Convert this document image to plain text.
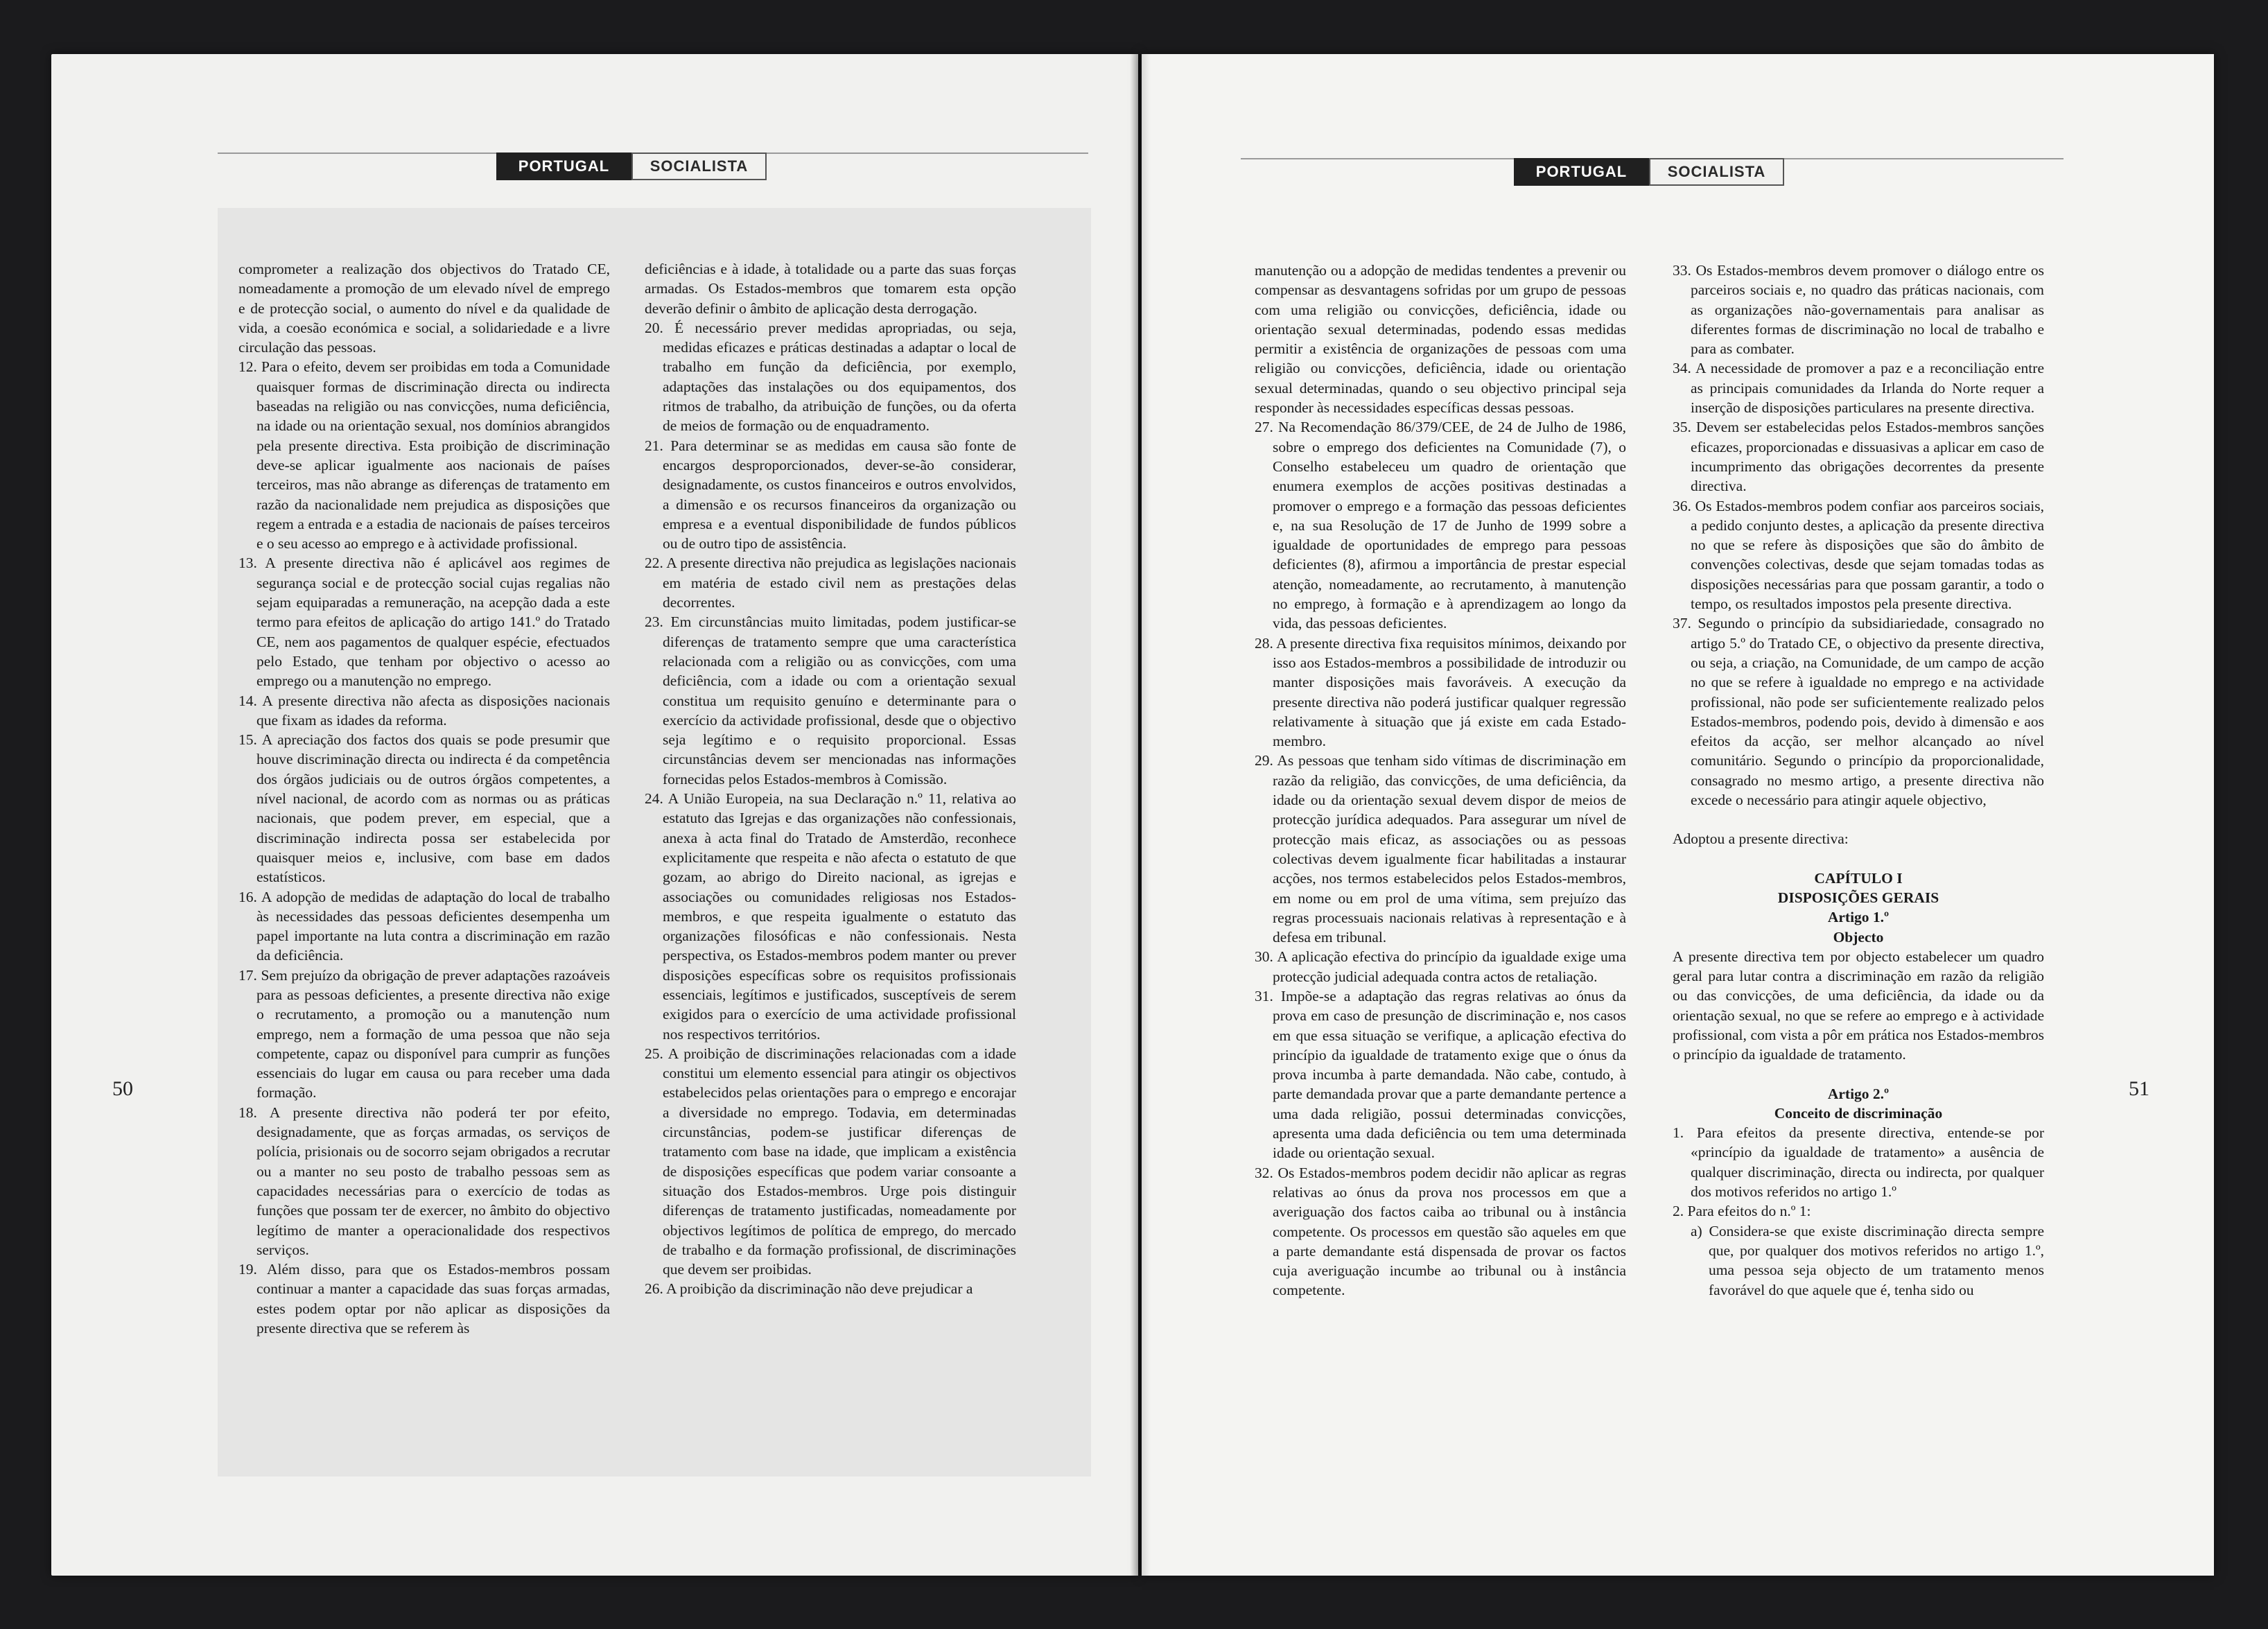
PORTUGAL	SOCIALISTA
50

comprometer a realização dos objectivos do Tratado CE, nomeadamente a promoção de um elevado nível de emprego e de protecção social, o aumento do nível e da qualidade de vida, a coesão económica e social, a solidariedade e a livre circulação das pessoas.

12. Para o efeito, devem ser proibidas em toda a Comunidade quaisquer formas de discriminação directa ou indirecta baseadas na religião ou nas convicções, numa deficiência, na idade ou na orientação sexual, nos domínios abrangidos pela presente directiva. Esta proibição de discriminação deve-se aplicar igualmente aos nacionais de países terceiros, mas não abrange as diferenças de tratamento em razão da nacionalidade nem prejudica as disposições que regem a entrada e a estadia de nacionais de países terceiros e o seu acesso ao emprego e à actividade profissional.

13. A presente directiva não é aplicável aos regimes de segurança social e de protecção social cujas regalias não sejam equiparadas a remuneração, na acepção dada a este termo para efeitos de aplicação do artigo 141.º do Tratado CE, nem aos pagamentos de qualquer espécie, efectuados pelo Estado, que tenham por objectivo o acesso ao emprego ou a manutenção no emprego.

14. A presente directiva não afecta as disposições nacionais que fixam as idades da reforma.

15. A apreciação dos factos dos quais se pode presumir que houve discriminação directa ou indirecta é da competência dos órgãos judiciais ou de outros órgãos competentes, a nível nacional, de acordo com as normas ou as práticas nacionais, que podem prever, em especial, que a discriminação indirecta possa ser estabelecida por quaisquer meios e, inclusive, com base em dados estatísticos.

16. A adopção de medidas de adaptação do local de trabalho às necessidades das pessoas deficientes desempenha um papel importante na luta contra a discriminação em razão da deficiência.

17. Sem prejuízo da obrigação de prever adaptações razoáveis para as pessoas deficientes, a presente directiva não exige o recrutamento, a promoção ou a manutenção num emprego, nem a formação de uma pessoa que não seja competente, capaz ou disponível para cumprir as funções essenciais do lugar em causa ou para receber uma dada formação.

18. A presente directiva não poderá ter por efeito, designadamente, que as forças armadas, os serviços de polícia, prisionais ou de socorro sejam obrigados a recrutar ou a manter no seu posto de trabalho pessoas sem as capacidades necessárias para o exercício de todas as funções que possam ter de exercer, no âmbito do objectivo legítimo de manter a operacionalidade dos respectivos serviços.

19. Além disso, para que os Estados-membros possam continuar a manter a capacidade das suas forças armadas, estes podem optar por não aplicar as disposições da presente directiva que se referem às

deficiências e à idade, à totalidade ou a parte das suas forças armadas. Os Estados-membros que tomarem esta opção deverão definir o âmbito de aplicação desta derrogação.

20. É necessário prever medidas apropriadas, ou seja, medidas eficazes e práticas destinadas a adaptar o local de trabalho em função da deficiência, por exemplo, adaptações das instalações ou dos equipamentos, dos ritmos de trabalho, da atribuição de funções, ou da oferta de meios de formação ou de enquadramento.

21. Para determinar se as medidas em causa são fonte de encargos desproporcionados, dever-se-ão considerar, designadamente, os custos financeiros e outros envolvidos, a dimensão e os recursos financeiros da organização ou empresa e a eventual disponibilidade de fundos públicos ou de outro tipo de assistência.

22. A presente directiva não prejudica as legislações nacionais em matéria de estado civil nem as prestações delas decorrentes.

23. Em circunstâncias muito limitadas, podem justificar-se diferenças de tratamento sempre que uma característica relacionada com a religião ou as convicções, com uma deficiência, com a idade ou com a orientação sexual constitua um requisito genuíno e determinante para o exercício da actividade profissional, desde que o objectivo seja legítimo e o requisito proporcional. Essas circunstâncias devem ser mencionadas nas informações fornecidas pelos Estados-membros à Comissão.

24. A União Europeia, na sua Declaração n.º 11, relativa ao estatuto das Igrejas e das organizações não confessionais, anexa à acta final do Tratado de Amsterdão, reconhece explicitamente que respeita e não afecta o estatuto de que gozam, ao abrigo do Direito nacional, as igrejas e associações ou comunidades religiosas nos Estados-membros, e que respeita igualmente o estatuto das organizações filosóficas e não confessionais. Nesta perspectiva, os Estados-membros podem manter ou prever disposições específicas sobre os requisitos profissionais essenciais, legítimos e justificados, susceptíveis de serem exigidos para o exercício de uma actividade profissional nos respectivos territórios.

25. A proibição de discriminações relacionadas com a idade constitui um elemento essencial para atingir os objectivos estabelecidos pelas orientações para o emprego e encorajar a diversidade no emprego. Todavia, em determinadas circunstâncias, podem-se justificar diferenças de tratamento com base na idade, que implicam a existência de disposições específicas que podem variar consoante a situação dos Estados-membros. Urge pois distinguir diferenças de tratamento justificadas, nomeadamente por objectivos legítimos de política de emprego, do mercado de trabalho e da formação profissional, de discriminações que devem ser proibidas.

26. A proibição da discriminação não deve prejudicar a

PORTUGAL	SOCIALISTA
51

manutenção ou a adopção de medidas tendentes a prevenir ou compensar as desvantagens sofridas por um grupo de pessoas com uma religião ou convicções, deficiência, idade ou orientação sexual determinadas, podendo essas medidas permitir a existência de organizações de pessoas com uma religião ou convicções, deficiência, idade ou orientação sexual determinadas, quando o seu objectivo principal seja responder às necessidades específicas dessas pessoas.

27. Na Recomendação 86/379/CEE, de 24 de Julho de 1986, sobre o emprego dos deficientes na Comunidade (7), o Conselho estabeleceu um quadro de orientação que enumera exemplos de acções positivas destinadas a promover o emprego e a formação das pessoas deficientes e, na sua Resolução de 17 de Junho de 1999 sobre a igualdade de oportunidades de emprego para pessoas deficientes (8), afirmou a importância de prestar especial atenção, nomeadamente, ao recrutamento, à manutenção no emprego, à formação e à aprendizagem ao longo da vida, das pessoas deficientes.

28. A presente directiva fixa requisitos mínimos, deixando por isso aos Estados-membros a possibilidade de introduzir ou manter disposições mais favoráveis. A execução da presente directiva não poderá justificar qualquer regressão relativamente à situação que já existe em cada Estado-membro.

29. As pessoas que tenham sido vítimas de discriminação em razão da religião, das convicções, de uma deficiência, da idade ou da orientação sexual devem dispor de meios de protecção jurídica adequados. Para assegurar um nível de protecção mais eficaz, as associações ou as pessoas colectivas devem igualmente ficar habilitadas a instaurar acções, nos termos estabelecidos pelos Estados-membros, em nome ou em prol de uma vítima, sem prejuízo das regras processuais nacionais relativas à representação e à defesa em tribunal.

30. A aplicação efectiva do princípio da igualdade exige uma protecção judicial adequada contra actos de retaliação.

31. Impõe-se a adaptação das regras relativas ao ónus da prova em caso de presunção de discriminação e, nos casos em que essa situação se verifique, a aplicação efectiva do princípio da igualdade de tratamento exige que o ónus da prova incumba à parte demandada. Não cabe, contudo, à parte demandada provar que a parte demandante pertence a uma dada religião, possui determinadas convicções, apresenta uma dada deficiência ou tem uma determinada idade ou orientação sexual.

32. Os Estados-membros podem decidir não aplicar as regras relativas ao ónus da prova nos processos em que a averiguação dos factos caiba ao tribunal ou à instância competente. Os processos em questão são aqueles em que a parte demandante está dispensada de provar os factos cuja averiguação incumbe ao tribunal ou à instância competente.

33. Os Estados-membros devem promover o diálogo entre os parceiros sociais e, no quadro das práticas nacionais, com as organizações não-governamentais para analisar as diferentes formas de discriminação no local de trabalho e para as combater.

34. A necessidade de promover a paz e a reconciliação entre as principais comunidades da Irlanda do Norte requer a inserção de disposições particulares na presente directiva.

35. Devem ser estabelecidas pelos Estados-membros sanções eficazes, proporcionadas e dissuasivas a aplicar em caso de incumprimento das obrigações decorrentes da presente directiva.

36. Os Estados-membros podem confiar aos parceiros sociais, a pedido conjunto destes, a aplicação da presente directiva no que se refere às disposições que são do âmbito de convenções colectivas, desde que sejam tomadas todas as disposições necessárias para que possam garantir, a todo o tempo, os resultados impostos pela presente directiva.

37. Segundo o princípio da subsidiariedade, consagrado no artigo 5.º do Tratado CE, o objectivo da presente directiva, ou seja, a criação, na Comunidade, de um campo de acção no que se refere à igualdade no emprego e na actividade profissional, não pode ser suficientemente realizado pelos Estados-membros, podendo pois, devido à dimensão e aos efeitos da acção, ser melhor alcançado ao nível comunitário. Segundo o princípio da proporcionalidade, consagrado no mesmo artigo, a presente directiva não excede o necessário para atingir aquele objectivo,

Adoptou a presente directiva:

CAPÍTULO I

DISPOSIÇÕES GERAIS

Artigo 1.º

Objecto

A presente directiva tem por objecto estabelecer um quadro geral para lutar contra a discriminação em razão da religião ou das convicções, de uma deficiência, da idade ou da orientação sexual, no que se refere ao emprego e à actividade profissional, com vista a pôr em prática nos Estados-membros o princípio da igualdade de tratamento.

Artigo 2.º

Conceito de discriminação

1. Para efeitos da presente directiva, entende-se por «princípio da igualdade de tratamento» a ausência de qualquer discriminação, directa ou indirecta, por qualquer dos motivos referidos no artigo 1.º

2. Para efeitos do n.º 1:

a) Considera-se que existe discriminação directa sempre que, por qualquer dos motivos referidos no artigo 1.º, uma pessoa seja objecto de um tratamento menos favorável do que aquele que é, tenha sido ou
